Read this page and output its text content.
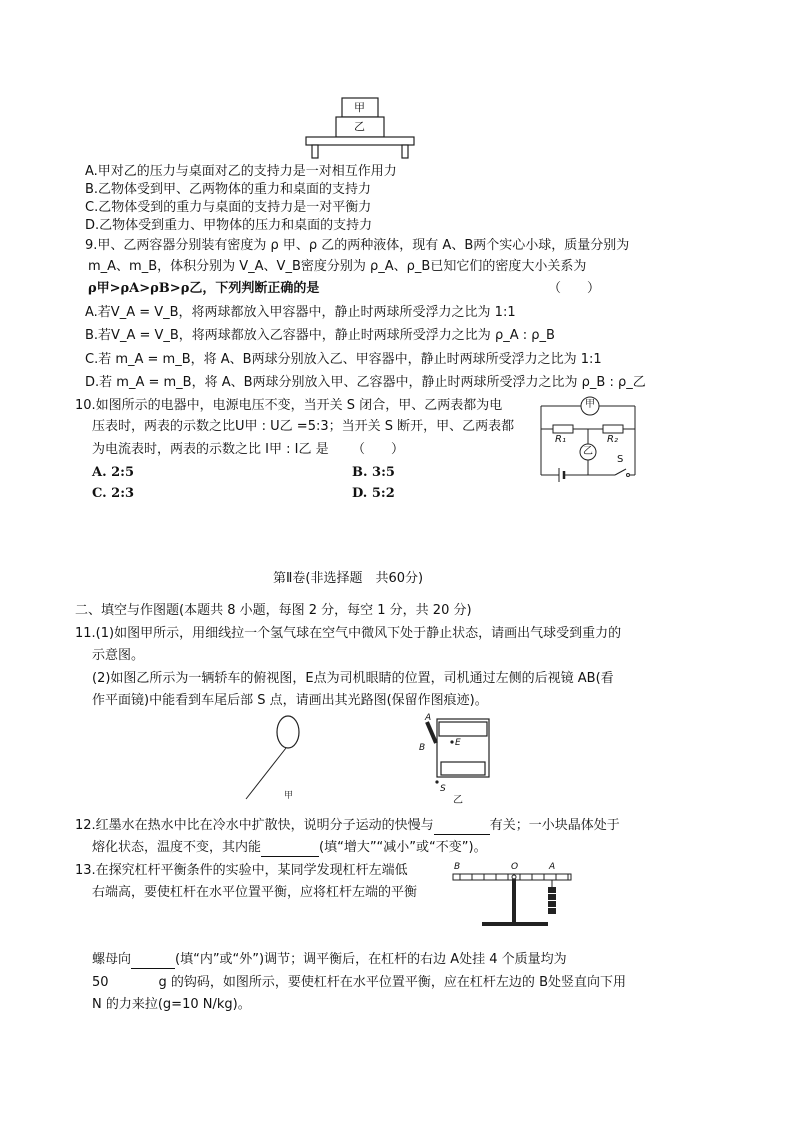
甲
乙
A.甲对乙的压力与桌面对乙的支持力是一对相互作用力
B.乙物体受到甲、乙两物体的重力和桌面的支持力
C.乙物体受到的重力与桌面的支持力是一对平衡力
D.乙物体受到重力、甲物体的压力和桌面的支持力
9.甲、乙两容器分别装有密度为 ρ 甲、ρ 乙的两种液体，现有 A、B两个实心小球，质量分别为
m_A、m_B，体积分别为 V_A、V_B密度分别为 ρ_A、ρ_B已知它们的密度大小关系为
ρ甲>ρA>ρB>ρ乙，下列判断正确的是	（　　）
A.若V_A = V_B，将两球都放入甲容器中，静止时两球所受浮力之比为 1:1
B.若V_A = V_B，将两球都放入乙容器中，静止时两球所受浮力之比为 ρ_A : ρ_B
C.若 m_A = m_B，将 A、B两球分别放入乙、甲容器中，静止时两球所受浮力之比为 1:1
D.若 m_A = m_B，将 A、B两球分别放入甲、乙容器中，静止时两球所受浮力之比为 ρ_B : ρ_乙
10.如图所示的电器中，电源电压不变，当开关 S 闭合，甲、乙两表都为电
压表时，两表的示数之比U甲 : U乙 =5:3；当开关 S 断开，甲、乙两表都
为电流表时，两表的示数之比 I甲 : I乙 是 （　　）
A. 2:5	B. 3:5
C. 2:3	D. 5:2
甲
乙
R₁	R₂
S
第Ⅱ卷(非选择题　共60分)
二、填空与作图题(本题共 8 小题，每图 2 分，每空 1 分，共 20 分)
11.(1)如图甲所示，用细线拉一个氢气球在空气中微风下处于静止状态，请画出气球受到重力的
示意图。
(2)如图乙所示为一辆轿车的俯视图，E点为司机眼睛的位置，司机通过左侧的后视镜 AB(看
作平面镜)中能看到车尾后部 S 点，请画出其光路图(保留作图痕迹)。
甲
A
B	E
S
乙
12.红墨水在热水中比在冷水中扩散快，说明分子运动的快慢与	有关；一小块晶体处于
熔化状态，温度不变，其内能	(填“增大”“减小”或“不变”)。
13.在探究杠杆平衡条件的实验中，某同学发现杠杆左端低
右端高，要使杠杆在水平位置平衡，应将杠杆左端的平衡
B	O	A
螺母向	(填“内”或“外”)调节；调平衡后，在杠杆的右边 A处挂 4 个质量均为
50	g 的钩码，如图所示，要使杠杆在水平位置平衡，应在杠杆左边的 B处竖直向下用
N 的力来拉(g=10 N/kg)。
